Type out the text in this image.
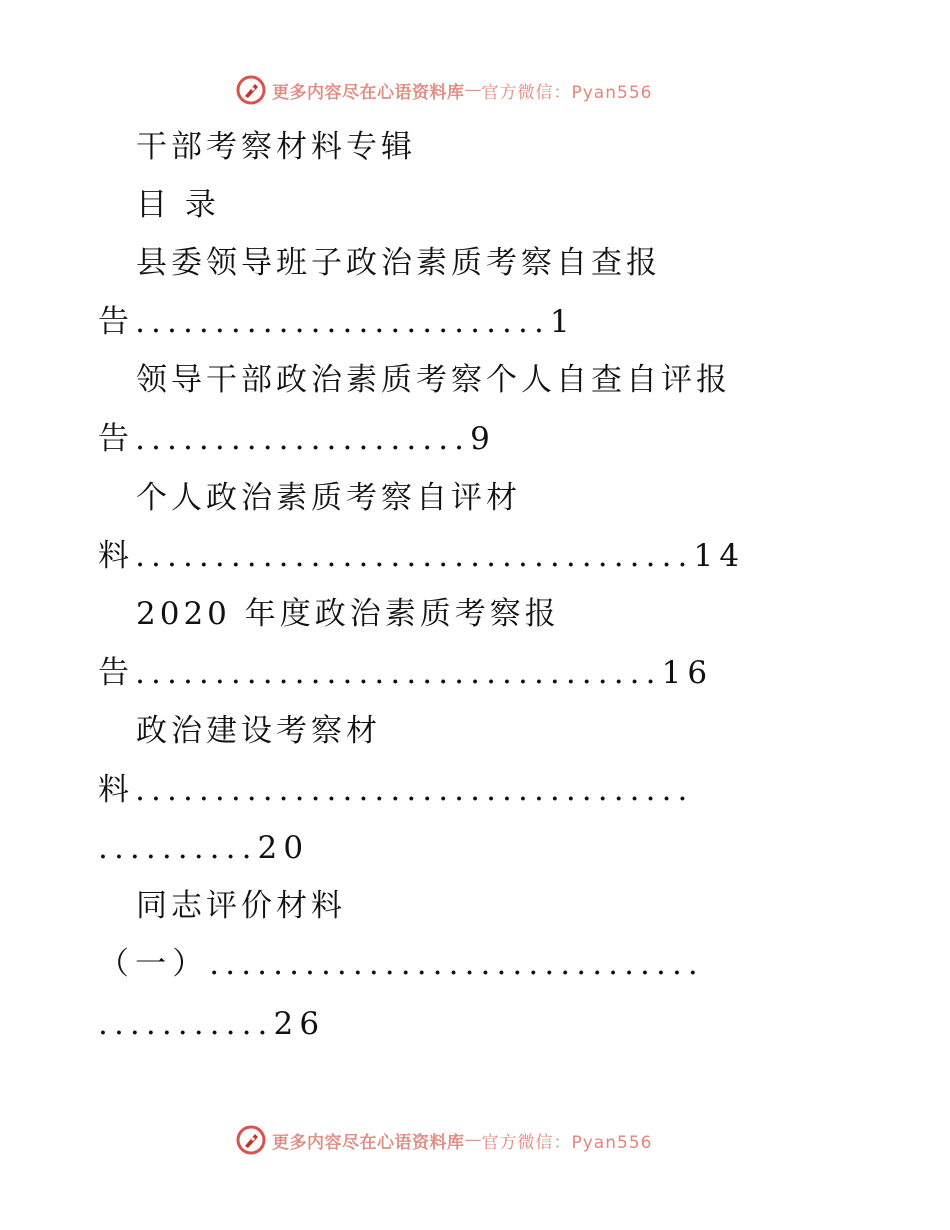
更多内容尽在心语资料库 — 官方微信：Pyan556
干部考察材料专辑
目 录
县委领导班子政治素质考察自查报
告..........................1
领导干部政治素质考察个人自查自评报
告.....................9
个人政治素质考察自评材
料...................................14
2020 年度政治素质考察报
告.................................16
政治建设考察材
料...................................
..........20
同志评价材料
（一）...............................
...........26
更多内容尽在心语资料库 — 官方微信：Pyan556
